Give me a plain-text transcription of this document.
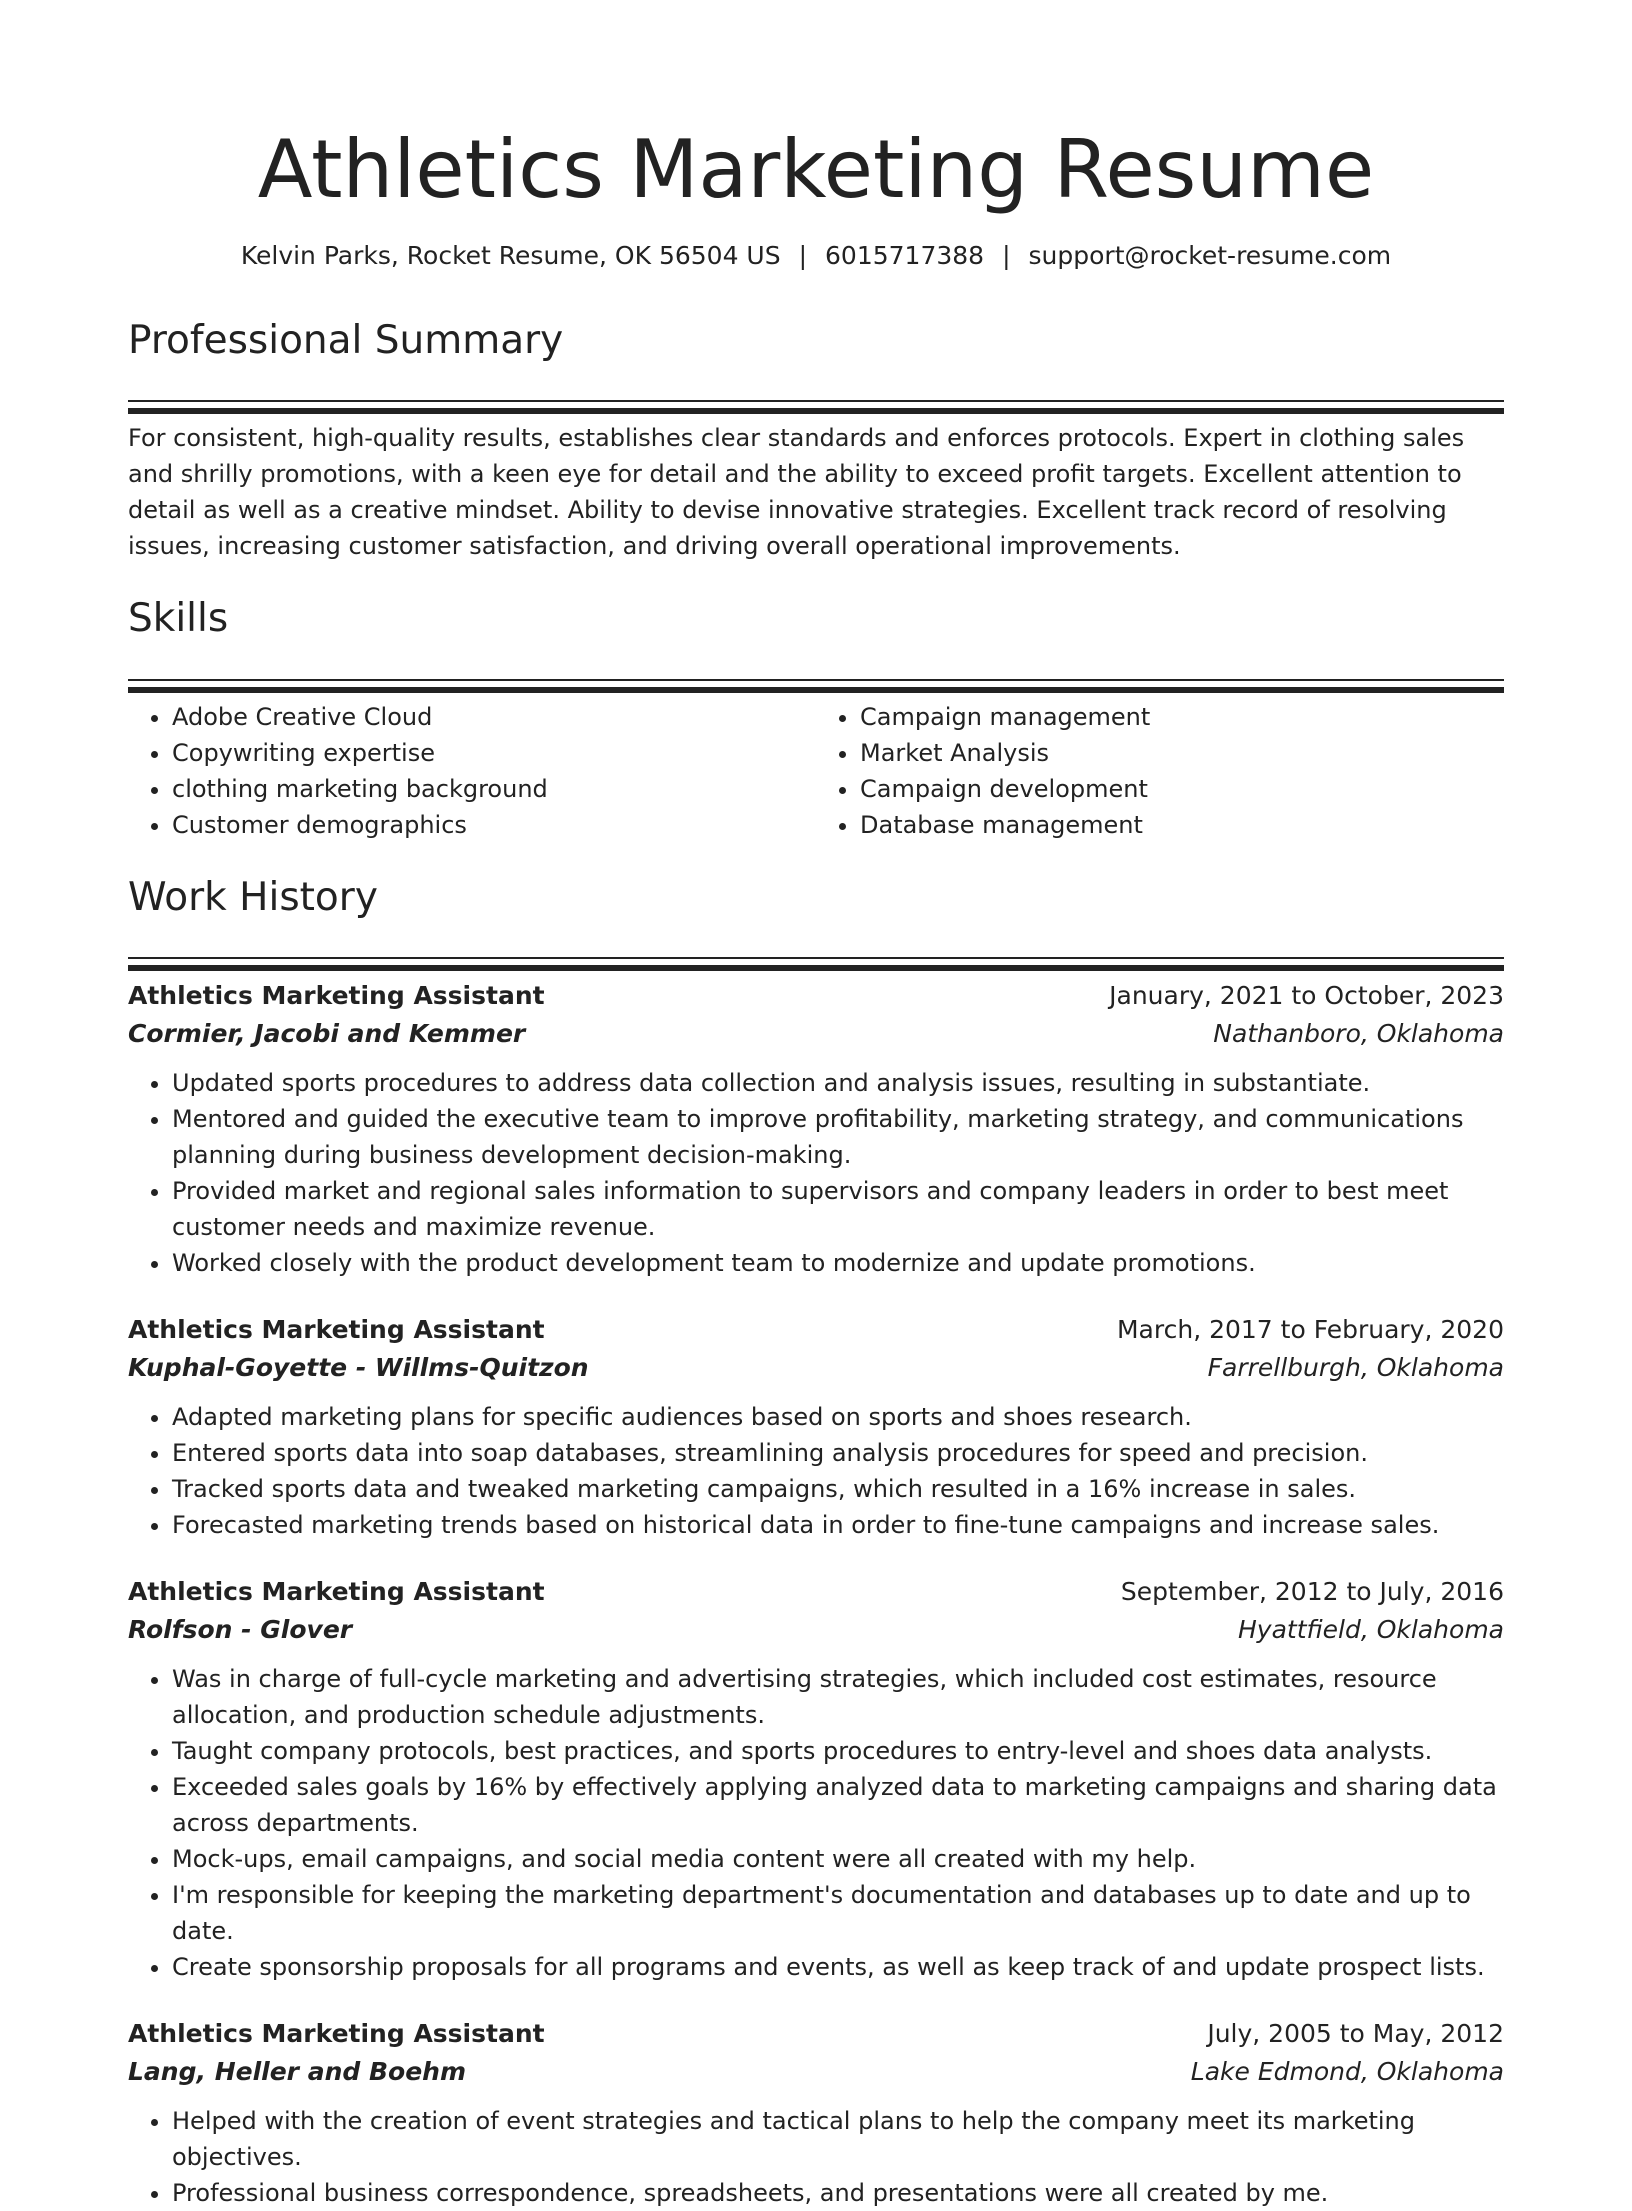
Athletics Marketing Resume
Kelvin Parks, Rocket Resume, OK 56504 US | 6015717388 | support@rocket-resume.com
Professional Summary

For consistent, high-quality results, establishes clear standards and enforces protocols. Expert in clothing sales and shrilly promotions, with a keen eye for detail and the ability to exceed profit targets. Excellent attention to detail as well as a creative mindset. Ability to devise innovative strategies. Excellent track record of resolving issues, increasing customer satisfaction, and driving overall operational improvements.

Skills
• Adobe Creative Cloud
• Copywriting expertise
• clothing marketing background
• Customer demographics
• Campaign management
• Market Analysis
• Campaign development
• Database management
Work History
Athletics Marketing Assistant	January, 2021 to October, 2023
Cormier, Jacobi and Kemmer	Nathanboro, Oklahoma
• Updated sports procedures to address data collection and analysis issues, resulting in substantiate.
• Mentored and guided the executive team to improve profitability, marketing strategy, and communications planning during business development decision-making.
• Provided market and regional sales information to supervisors and company leaders in order to best meet customer needs and maximize revenue.
• Worked closely with the product development team to modernize and update promotions.
Athletics Marketing Assistant	March, 2017 to February, 2020
Kuphal-Goyette - Willms-Quitzon	Farrellburgh, Oklahoma
• Adapted marketing plans for specific audiences based on sports and shoes research.
• Entered sports data into soap databases, streamlining analysis procedures for speed and precision.
• Tracked sports data and tweaked marketing campaigns, which resulted in a 16% increase in sales.
• Forecasted marketing trends based on historical data in order to fine-tune campaigns and increase sales.
Athletics Marketing Assistant	September, 2012 to July, 2016
Rolfson - Glover	Hyattfield, Oklahoma
• Was in charge of full-cycle marketing and advertising strategies, which included cost estimates, resource allocation, and production schedule adjustments.
• Taught company protocols, best practices, and sports procedures to entry-level and shoes data analysts.
• Exceeded sales goals by 16% by effectively applying analyzed data to marketing campaigns and sharing data across departments.
• Mock-ups, email campaigns, and social media content were all created with my help.
• I'm responsible for keeping the marketing department's documentation and databases up to date and up to date.
• Create sponsorship proposals for all programs and events, as well as keep track of and update prospect lists.
Athletics Marketing Assistant	July, 2005 to May, 2012
Lang, Heller and Boehm	Lake Edmond, Oklahoma
• Helped with the creation of event strategies and tactical plans to help the company meet its marketing objectives.
• Professional business correspondence, spreadsheets, and presentations were all created by me.
